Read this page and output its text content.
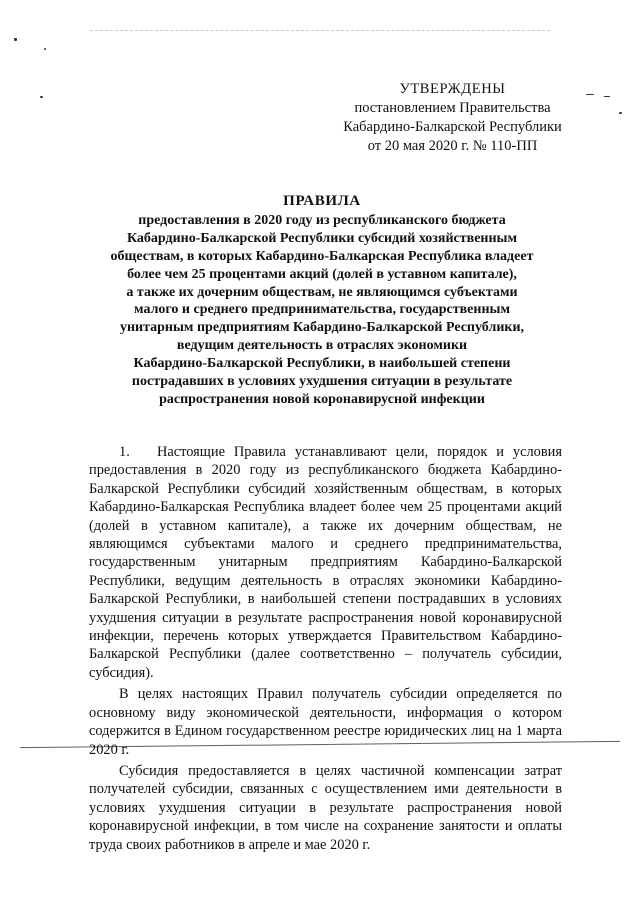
УТВЕРЖДЕНЫ
постановлением Правительства
Кабардино-Балкарской Республики
от 20 мая 2020 г. № 110-ПП
ПРАВИЛА
предоставления в 2020 году из республиканского бюджета
Кабардино-Балкарской Республики субсидий хозяйственным
обществам, в которых Кабардино-Балкарская Республика владеет
более чем 25 процентами акций (долей в уставном капитале),
а также их дочерним обществам, не являющимся субъектами
малого и среднего предпринимательства, государственным
унитарным предприятиям Кабардино-Балкарской Республики,
ведущим деятельность в отраслях экономики
Кабардино-Балкарской Республики, в наибольшей степени
пострадавших в условиях ухудшения ситуации в результате
распространения новой коронавирусной инфекции

1. Настоящие Правила устанавливают цели, порядок и условия предоставления в 2020 году из республиканского бюджета Кабардино-Балкарской Республики субсидий хозяйственным обществам, в которых Кабардино-Балкарская Республика владеет более чем 25 процентами акций (долей в уставном капитале), а также их дочерним обществам, не являющимся субъектами малого и среднего предпринимательства, государственным унитарным предприятиям Кабардино-Балкарской Республики, ведущим деятельность в отраслях экономики Кабардино-Балкарской Республики, в наибольшей степени пострадавших в условиях ухудшения ситуации в результате распространения новой коронавирусной инфекции, перечень которых утверждается Правительством Кабардино-Балкарской Республики (далее соответственно – получатель субсидии, субсидия).

В целях настоящих Правил получатель субсидии определяется по основному виду экономической деятельности, информация о котором содержится в Едином государственном реестре юридических лиц на 1 марта 2020 г.

Субсидия предоставляется в целях частичной компенсации затрат получателей субсидии, связанных с осуществлением ими деятельности в условиях ухудшения ситуации в результате распространения новой коронавирусной инфекции, в том числе на сохранение занятости и оплаты труда своих работников в апреле и мае 2020 г.
